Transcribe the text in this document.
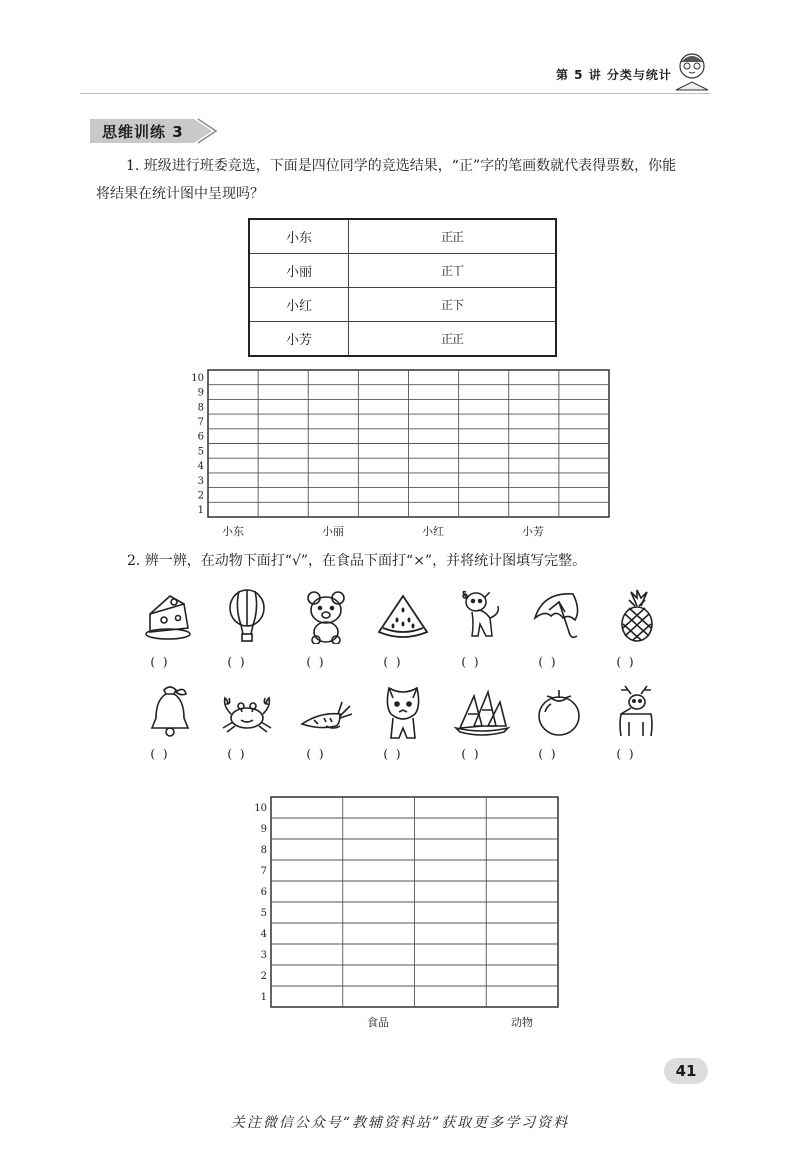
第 5 讲 分类与统计
思维训练 3
1. 班级进行班委竞选，下面是四位同学的竞选结果，“正”字的笔画数就代表得票数，你能
将结果在统计图中呈现吗？
小东	正正
小丽	正丅
小红	正下
小芳	正正
1
2
3
4
5
6
7
8
9
10
小东	小丽	小红	小芳
2. 辨一辨，在动物下面打“√”，在食品下面打“×”，并将统计图填写完整。
( )	( )	( )	( )	( )	( )	( )
( )	( )	( )	( )	( )	( )	( )
1
2
3
4
5
6
7
8
9
10
食品	动物
41
关注微信公众号“教辅资料站”获取更多学习资料
